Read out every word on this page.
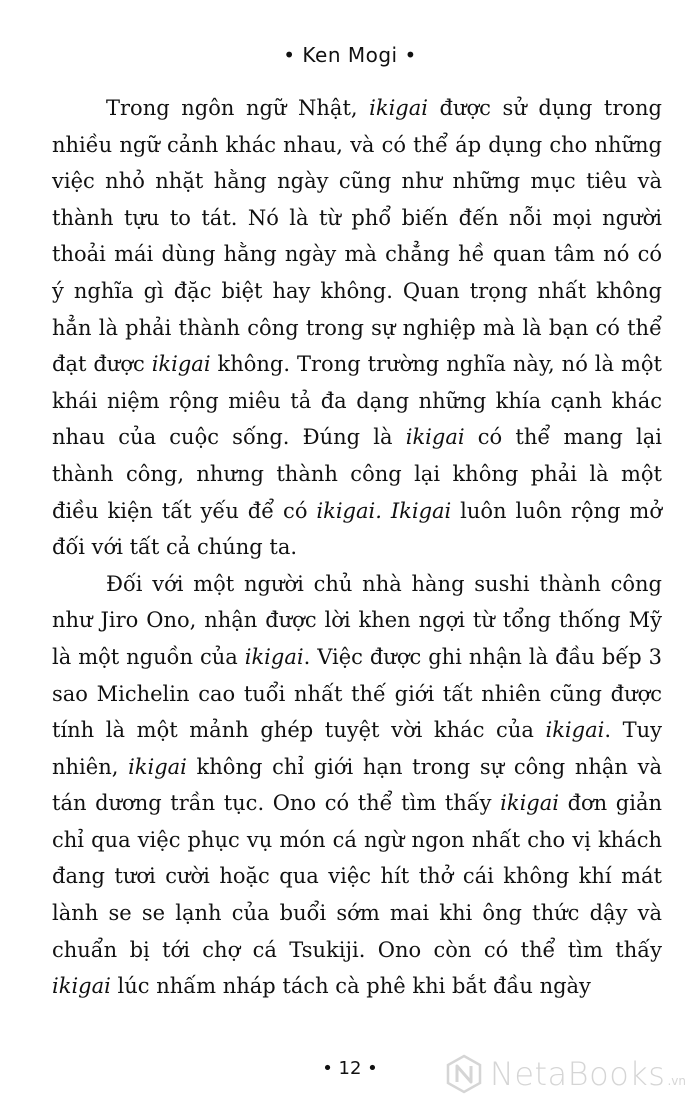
• Ken Mogi •

Trong ngôn ngữ Nhật, ikigai được sử dụng trong nhiều ngữ cảnh khác nhau, và có thể áp dụng cho những việc nhỏ nhặt hằng ngày cũng như những mục tiêu và thành tựu to tát. Nó là từ phổ biến đến nỗi mọi người thoải mái dùng hằng ngày mà chẳng hề quan tâm nó có ý nghĩa gì đặc biệt hay không. Quan trọng nhất không hẳn là phải thành công trong sự nghiệp mà là bạn có thể đạt được ikigai không. Trong trường nghĩa này, nó là một khái niệm rộng miêu tả đa dạng những khía cạnh khác nhau của cuộc sống. Đúng là ikigai có thể mang lại thành công, nhưng thành công lại không phải là một điều kiện tất yếu để có ikigai. Ikigai luôn luôn rộng mở đối với tất cả chúng ta.

Đối với một người chủ nhà hàng sushi thành công như Jiro Ono, nhận được lời khen ngợi từ tổng thống Mỹ là một nguồn của ikigai. Việc được ghi nhận là đầu bếp 3 sao Michelin cao tuổi nhất thế giới tất nhiên cũng được tính là một mảnh ghép tuyệt vời khác của ikigai. Tuy nhiên, ikigai không chỉ giới hạn trong sự công nhận và tán dương trần tục. Ono có thể tìm thấy ikigai đơn giản chỉ qua việc phục vụ món cá ngừ ngon nhất cho vị khách đang tươi cười hoặc qua việc hít thở cái không khí mát lành se se lạnh của buổi sớm mai khi ông thức dậy và chuẩn bị tới chợ cá Tsukiji. Ono còn có thể tìm thấy ikigai lúc nhấm nháp tách cà phê khi bắt đầu ngày

• 12 •	NetaBooks .vn
